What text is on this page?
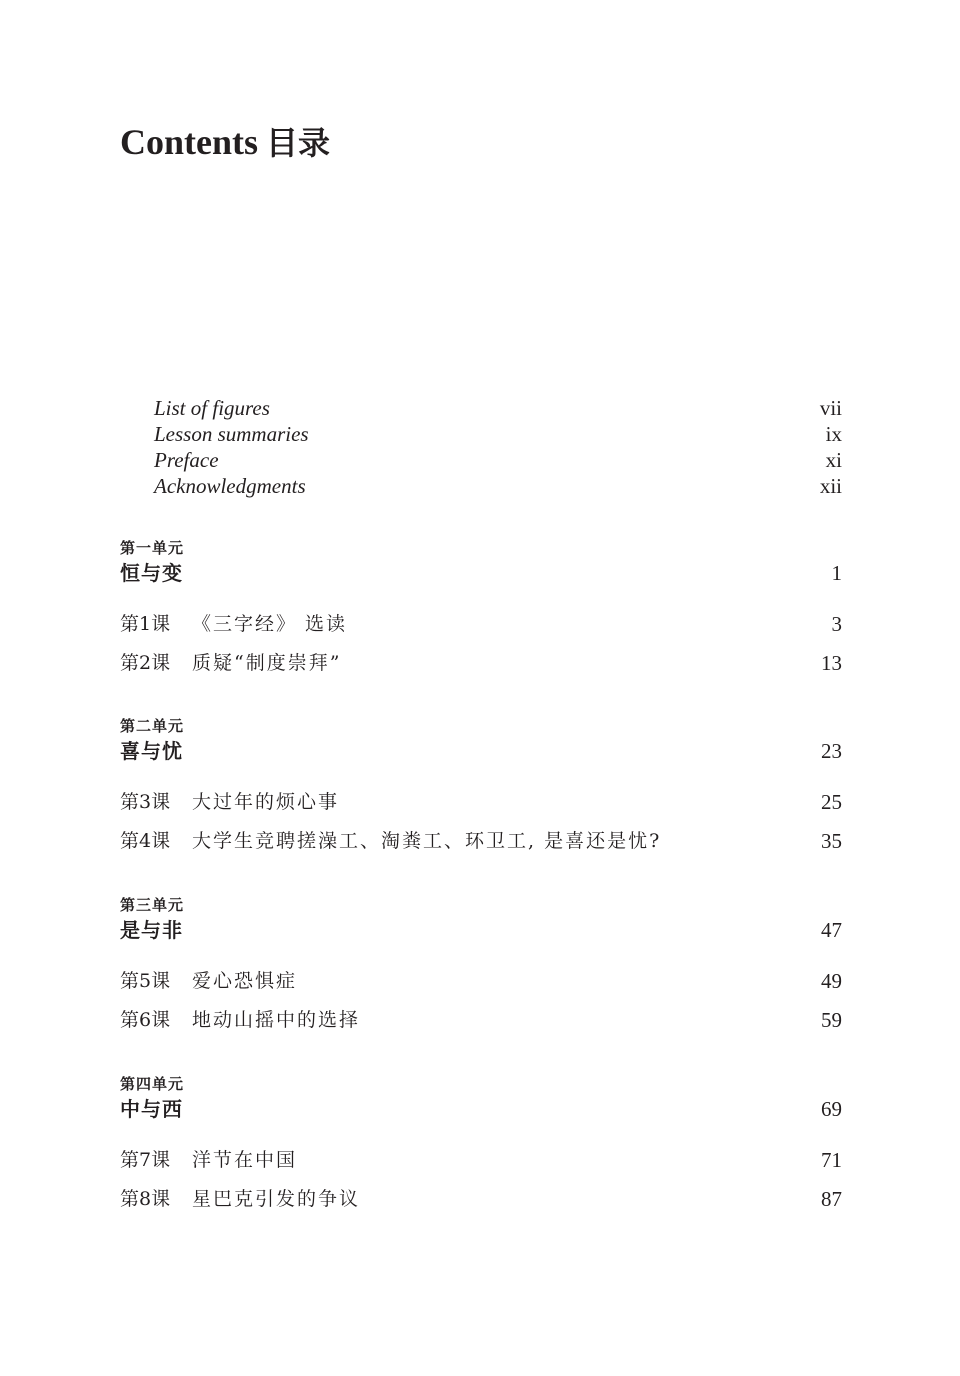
Contents 目录
List of figures	vii
Lesson summaries	ix
Preface	xi
Acknowledgments	xii
第一单元
恒与变	1
第1课 《三字经》 选读	3
第2课 质疑“制度崇拜”	13
第二单元
喜与忧	23
第3课 大过年的烦心事	25
第4课 大学生竞聘搓澡工、淘粪工、环卫工, 是喜还是忧?	35
第三单元
是与非	47
第5课 爱心恐惧症	49
第6课 地动山摇中的选择	59
第四单元
中与西	69
第7课 洋节在中国	71
第8课 星巴克引发的争议	87
